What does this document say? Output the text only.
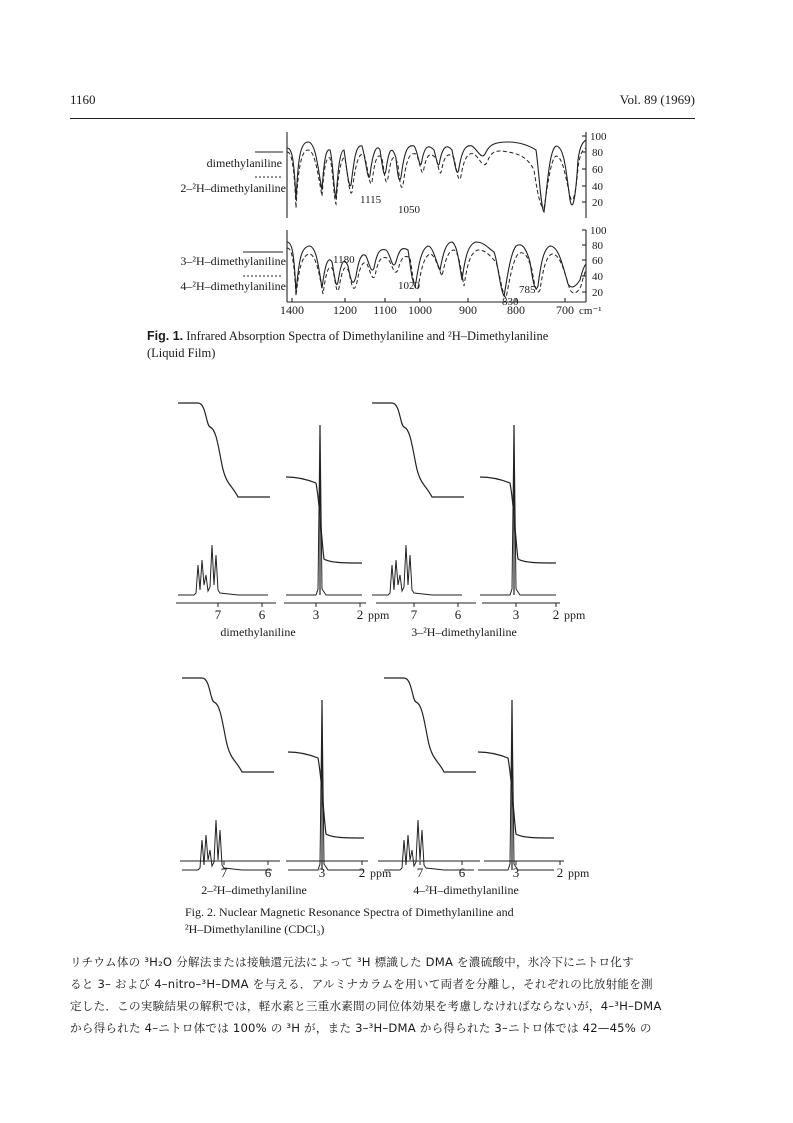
1160	Vol. 89 (1969)
dimethylaniline
2–²H–dimethylaniline
1115
1050
100
80
60
40
20
3–²H–dimethylaniline
4–²H–dimethylaniline
1180
1020
830
785
100
80
60
40
20
1400 1200 1100 1000 900	800	700 cm⁻¹
Fig. 1. Infrared Absorption Spectra of Dimethylaniline and ²H–Dimethylaniline
(Liquid Film)
7	6	3	2 ppm 7	6	3	2 ppm
dimethylaniline	3–²H–dimethylaniline
7	6	3	2 ppm 7	6	3	2 ppm
2–²H–dimethylaniline	4–²H–dimethylaniline
Fig. 2. Nuclear Magnetic Resonance Spectra of Dimethylaniline and
²H–Dimethylaniline (CDCl₃)
リチウム体の ³H₂O 分解法または接触還元法によって ³H 標識した DMA を濃硫酸中，氷冷下にニトロ化す
ると 3– および 4–nitro–³H–DMA を与える．アルミナカラムを用いて両者を分離し，それぞれの比放射能を測
定した．この実験結果の解釈では，軽水素と三重水素間の同位体効果を考慮しなければならないが，4–³H–DMA
から得られた 4–ニトロ体では 100% の ³H が，また 3–³H–DMA から得られた 3–ニトロ体では 42—45% の
